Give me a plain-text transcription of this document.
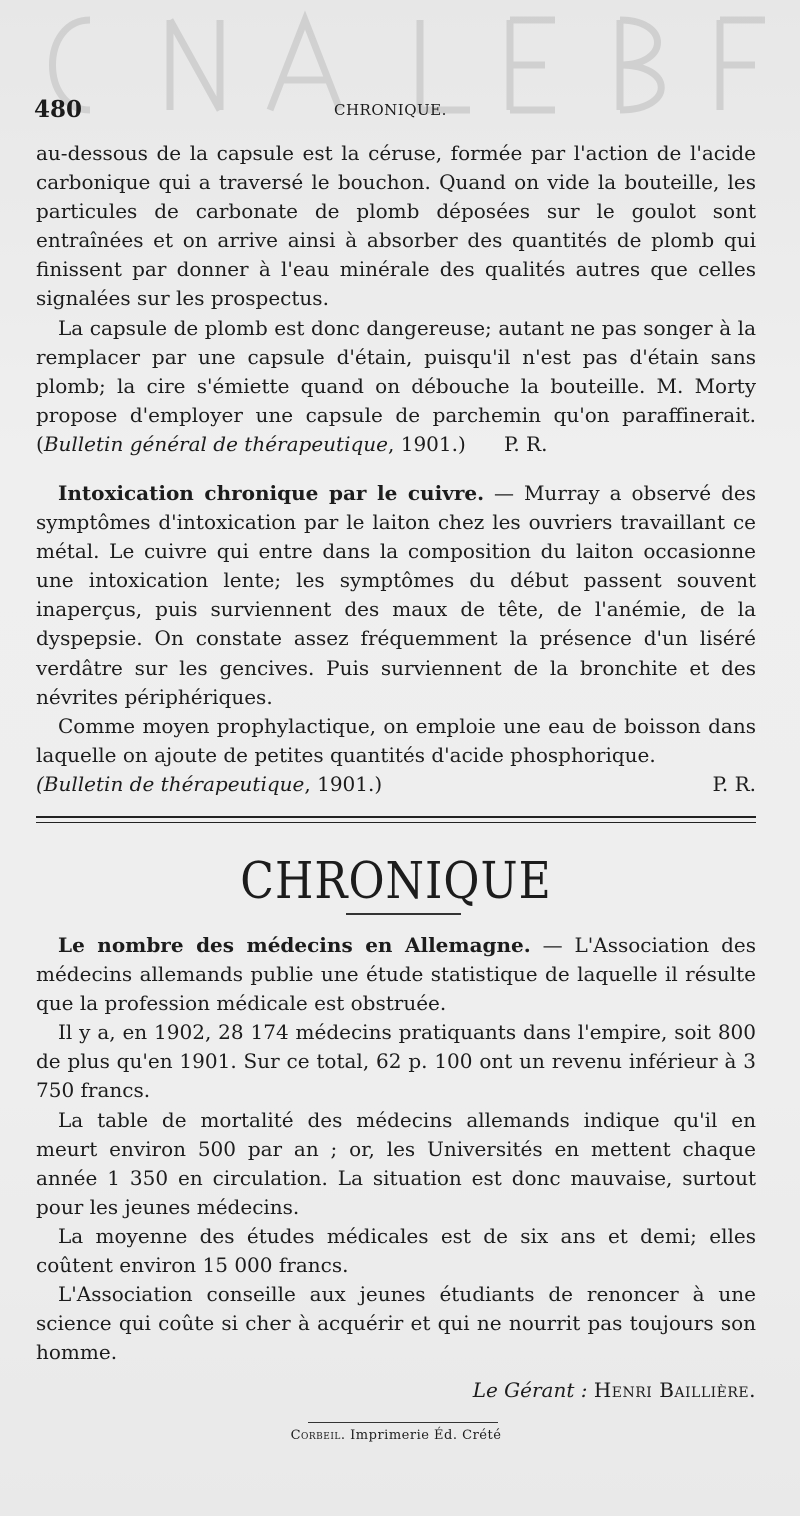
480	CHRONIQUE.

au-dessous de la capsule est la céruse, formée par l'action de l'acide carbonique qui a traversé le bouchon. Quand on vide la bouteille, les particules de carbonate de plomb déposées sur le goulot sont entraînées et on arrive ainsi à absorber des quantités de plomb qui finissent par donner à l'eau minérale des qualités autres que celles signalées sur les prospectus.

La capsule de plomb est donc dangereuse; autant ne pas songer à la remplacer par une capsule d'étain, puisqu'il n'est pas d'étain sans plomb; la cire s'émiette quand on débouche la bouteille. M. Morty propose d'employer une capsule de parchemin qu'on paraffinerait. (Bulletin général de thérapeutique, 1901.) P. R.

Intoxication chronique par le cuivre. — Murray a observé des symptômes d'intoxication par le laiton chez les ouvriers travaillant ce métal. Le cuivre qui entre dans la composition du laiton occasionne une intoxication lente; les symptômes du début passent souvent inaperçus, puis surviennent des maux de tête, de l'anémie, de la dyspepsie. On constate assez fréquemment la présence d'un liséré verdâtre sur les gencives. Puis surviennent de la bronchite et des névrites périphériques.

Comme moyen prophylactique, on emploie une eau de boisson dans laquelle on ajoute de petites quantités d'acide phosphorique.

(Bulletin de thérapeutique, 1901.)	P. R.

CHRONIQUE

Le nombre des médecins en Allemagne. — L'Association des médecins allemands publie une étude statistique de laquelle il résulte que la profession médicale est obstruée.

Il y a, en 1902, 28 174 médecins pratiquants dans l'empire, soit 800 de plus qu'en 1901. Sur ce total, 62 p. 100 ont un revenu inférieur à 3 750 francs.

La table de mortalité des médecins allemands indique qu'il en meurt environ 500 par an ; or, les Universités en mettent chaque année 1 350 en circulation. La situation est donc mauvaise, surtout pour les jeunes médecins.

La moyenne des études médicales est de six ans et demi; elles coûtent environ 15 000 francs.

L'Association conseille aux jeunes étudiants de renoncer à une science qui coûte si cher à acquérir et qui ne nourrit pas toujours son homme.

Le Gérant : Henri Baillière.
Corbeil. Imprimerie Éd. Crété
